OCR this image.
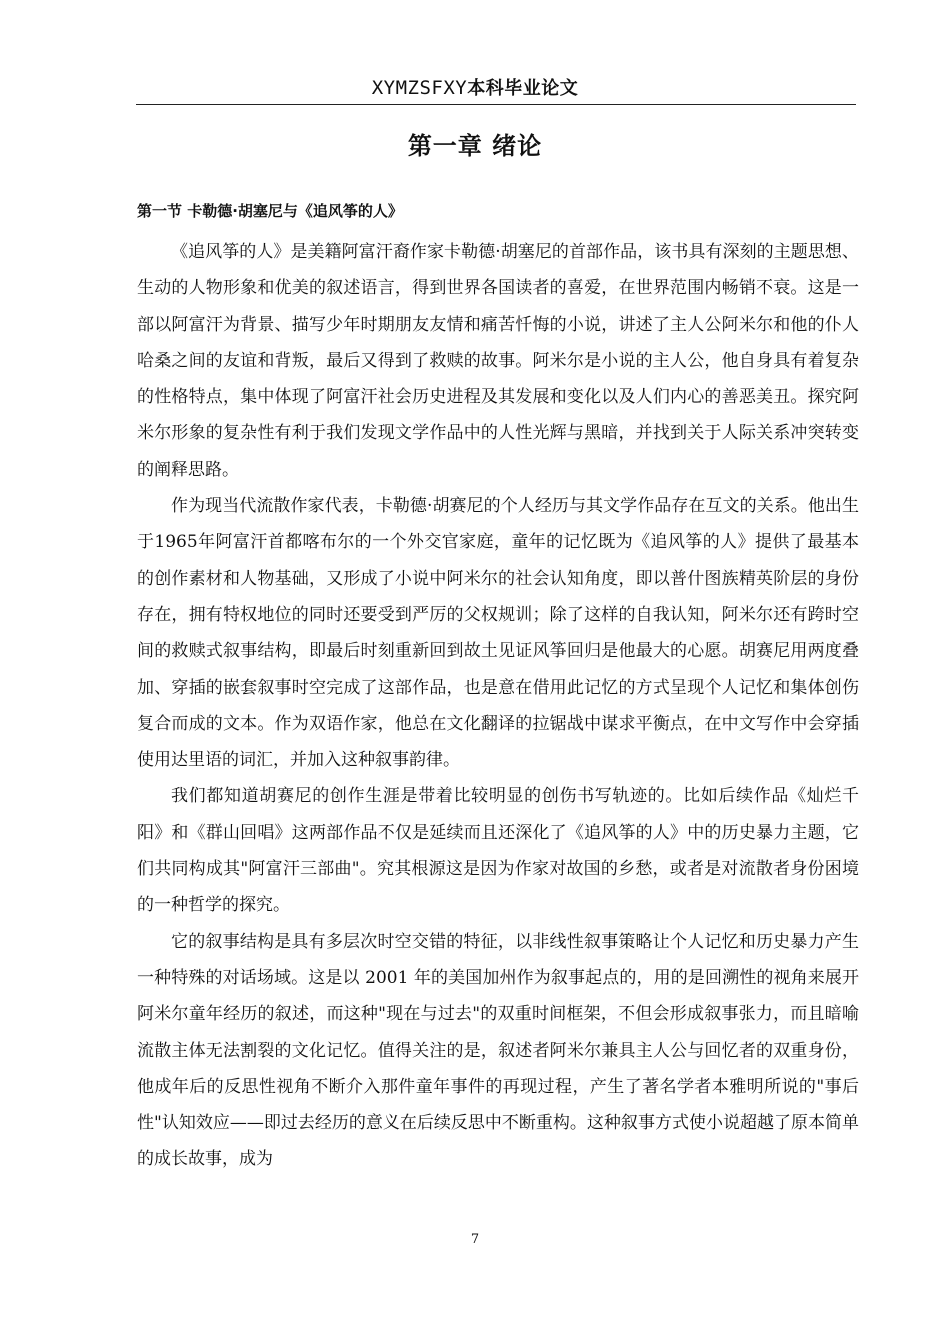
XYMZSFXY本科毕业论文
第一章 绪论
第一节 卡勒德·胡塞尼与《追风筝的人》

《追风筝的人》是美籍阿富汗裔作家卡勒德·胡塞尼的首部作品，该书具有深刻的主题思想、生动的人物形象和优美的叙述语言，得到世界各国读者的喜爱，在世界范围内畅销不衰。这是一部以阿富汗为背景、描写少年时期朋友友情和痛苦忏悔的小说，讲述了主人公阿米尔和他的仆人哈桑之间的友谊和背叛，最后又得到了救赎的故事。阿米尔是小说的主人公，他自身具有着复杂的性格特点，集中体现了阿富汗社会历史进程及其发展和变化以及人们内心的善恶美丑。探究阿米尔形象的复杂性有利于我们发现文学作品中的人性光辉与黑暗，并找到关于人际关系冲突转变的阐释思路。

作为现当代流散作家代表，卡勒德·胡赛尼的个人经历与其文学作品存在互文的关系。他出生于1965年阿富汗首都喀布尔的一个外交官家庭，童年的记忆既为《追风筝的人》提供了最基本的创作素材和人物基础，又形成了小说中阿米尔的社会认知角度，即以普什图族精英阶层的身份存在，拥有特权地位的同时还要受到严厉的父权规训；除了这样的自我认知，阿米尔还有跨时空间的救赎式叙事结构，即最后时刻重新回到故土见证风筝回归是他最大的心愿。胡赛尼用两度叠加、穿插的嵌套叙事时空完成了这部作品，也是意在借用此记忆的方式呈现个人记忆和集体创伤复合而成的文本。作为双语作家，他总在文化翻译的拉锯战中谋求平衡点，在中文写作中会穿插使用达里语的词汇，并加入这种叙事韵律。

我们都知道胡赛尼的创作生涯是带着比较明显的创伤书写轨迹的。比如后续作品《灿烂千阳》和《群山回唱》这两部作品不仅是延续而且还深化了《追风筝的人》中的历史暴力主题，它们共同构成其"阿富汗三部曲"。究其根源这是因为作家对故国的乡愁，或者是对流散者身份困境的一种哲学的探究。

它的叙事结构是具有多层次时空交错的特征，以非线性叙事策略让个人记忆和历史暴力产生一种特殊的对话场域。这是以 2001 年的美国加州作为叙事起点的，用的是回溯性的视角来展开阿米尔童年经历的叙述，而这种"现在与过去"的双重时间框架，不但会形成叙事张力，而且暗喻流散主体无法割裂的文化记忆。值得关注的是，叙述者阿米尔兼具主人公与回忆者的双重身份，他成年后的反思性视角不断介入那件童年事件的再现过程，产生了著名学者本雅明所说的"事后性"认知效应——即过去经历的意义在后续反思中不断重构。这种叙事方式使小说超越了原本简单的成长故事，成为

7
